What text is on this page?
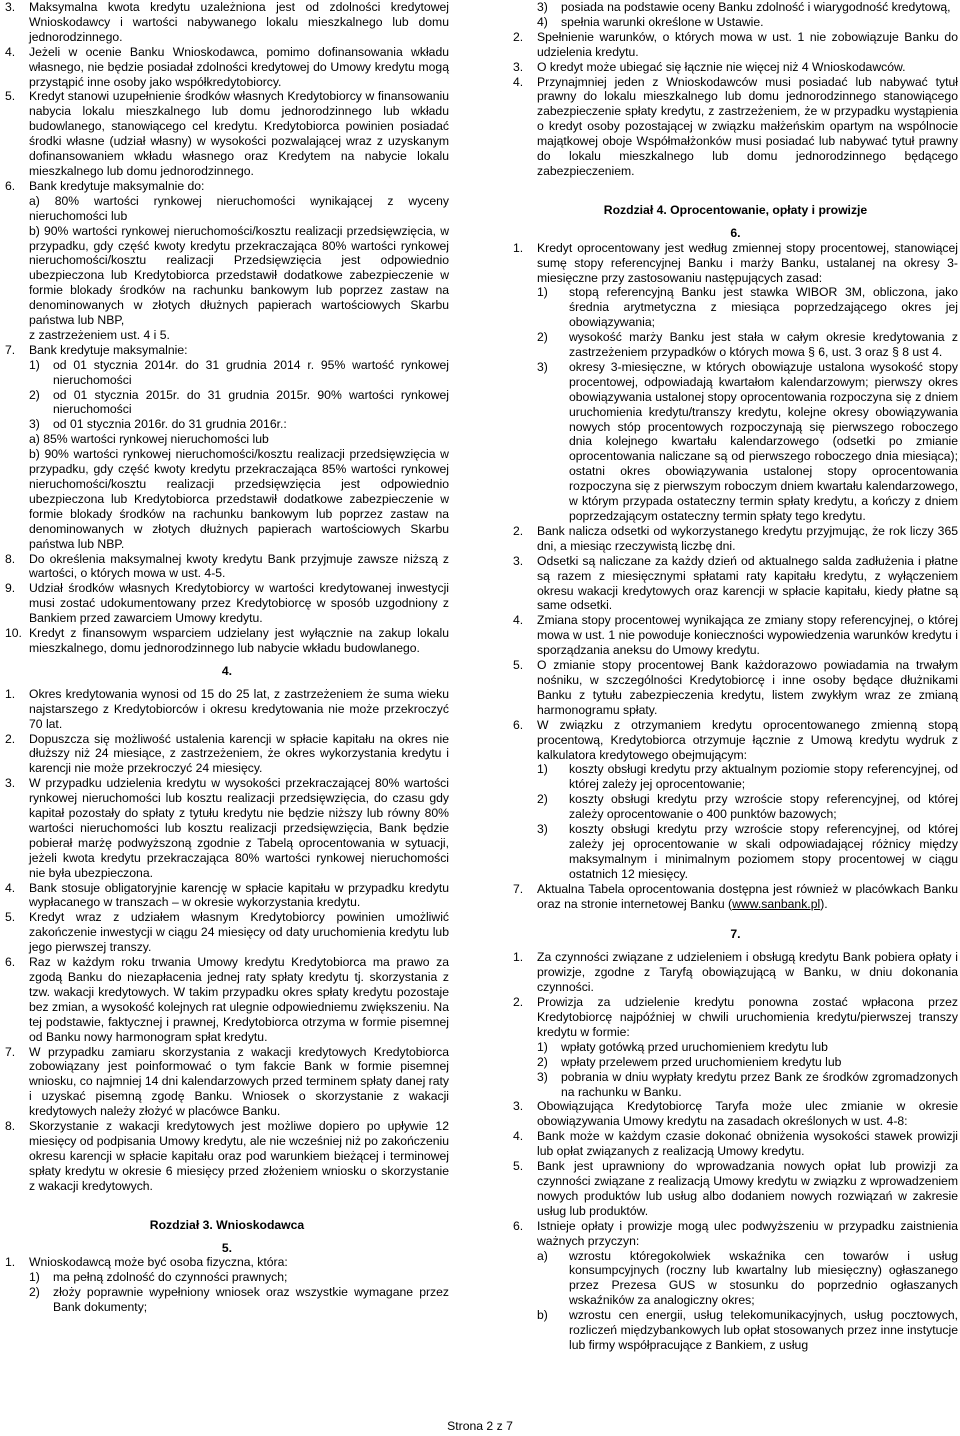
3.	Maksymalna kwota kredytu uzależniona jest od zdolności kredytowej Wnioskodawcy i wartości nabywanego lokalu mieszkalnego lub domu jednorodzinnego.
4.	Jeżeli w ocenie Banku Wnioskodawca, pomimo dofinansowania wkładu własnego, nie będzie posiadał zdolności kredytowej do Umowy kredytu mogą przystąpić inne osoby jako współkredytobiorcy.
5.	Kredyt stanowi uzupełnienie środków własnych Kredytobiorcy w finansowaniu nabycia lokalu mieszkalnego lub domu jednorodzinnego lub wkładu budowlanego, stanowiącego cel kredytu. Kredytobiorca powinien posiadać środki własne (udział własny) w wysokości pozwalającej wraz z uzyskanym dofinansowaniem wkładu własnego oraz Kredytem na nabycie lokalu mieszkalnego lub domu jednorodzinnego.
6.	Bank kredytuje maksymalnie do:

a) 80% wartości rynkowej nieruchomości wynikającej z wyceny nieruchomości lub

b) 90% wartości rynkowej nieruchomości/kosztu realizacji przedsięwzięcia, w przypadku, gdy część kwoty kredytu przekraczająca 80% wartości rynkowej nieruchomości/kosztu realizacji Przedsięwzięcia jest odpowiednio ubezpieczona lub Kredytobiorca przedstawił dodatkowe zabezpieczenie w formie blokady środków na rachunku bankowym lub poprzez zastaw na denominowanych w złotych dłużnych papierach wartościowych Skarbu państwa lub NBP,

z zastrzeżeniem ust. 4 i 5.

7.	Bank kredytuje maksymalnie:
1)	od 01 stycznia 2014r. do 31 grudnia 2014 r. 95% wartość rynkowej nieruchomości
2)	od 01 stycznia 2015r. do 31 grudnia 2015r. 90% wartości rynkowej nieruchomości
3)	od 01 stycznia 2016r. do 31 grudnia 2016r.:

a) 85% wartości rynkowej nieruchomości lub

b) 90% wartości rynkowej nieruchomości/kosztu realizacji przedsięwzięcia w przypadku, gdy część kwoty kredytu przekraczająca 85% wartości rynkowej nieruchomości/kosztu realizacji przedsięwzięcia jest odpowiednio ubezpieczona lub Kredytobiorca przedstawił dodatkowe zabezpieczenie w formie blokady środków na rachunku bankowym lub poprzez zastaw na denominowanych w złotych dłużnych papierach wartościowych Skarbu państwa lub NBP.

8.	Do określenia maksymalnej kwoty kredytu Bank przyjmuje zawsze niższą z wartości, o których mowa w ust. 4-5.
9.	Udział środków własnych Kredytobiorcy w wartości kredytowanej inwestycji musi zostać udokumentowany przez Kredytobiorcę w sposób uzgodniony z Bankiem przed zawarciem Umowy kredytu.
10. Kredyt z finansowym wsparciem udzielany jest wyłącznie na zakup lokalu mieszkalnego, domu jednorodzinnego lub nabycie wkładu budowlanego.

4.

1.	Okres kredytowania wynosi od 15 do 25 lat, z zastrzeżeniem że suma wieku najstarszego z Kredytobiorców i okresu kredytowania nie może przekroczyć 70 lat.
2.	Dopuszcza się możliwość ustalenia karencji w spłacie kapitału na okres nie dłuższy niż 24 miesiące, z zastrzeżeniem, że okres wykorzystania kredytu i karencji nie może przekroczyć 24 miesięcy.
3.	W przypadku udzielenia kredytu w wysokości przekraczającej 80% wartości rynkowej nieruchomości lub kosztu realizacji przedsięwzięcia, do czasu gdy kapitał pozostały do spłaty z tytułu kredytu nie będzie niższy lub równy 80% wartości nieruchomości lub kosztu realizacji przedsięwzięcia, Bank będzie pobierał marżę podwyższoną zgodnie z Tabelą oprocentowania w sytuacji, jeżeli kwota kredytu przekraczająca 80% wartości rynkowej nieruchomości nie była ubezpieczona.
4.	Bank stosuje obligatoryjnie karencję w spłacie kapitału w przypadku kredytu wypłacanego w transzach – w okresie wykorzystania kredytu.
5.	Kredyt wraz z udziałem własnym Kredytobiorcy powinien umożliwić zakończenie inwestycji w ciągu 24 miesięcy od daty uruchomienia kredytu lub jego pierwszej transzy.
6.	Raz w każdym roku trwania Umowy kredytu Kredytobiorca ma prawo za zgodą Banku do niezapłacenia jednej raty spłaty kredytu tj. skorzystania z tzw. wakacji kredytowych. W takim przypadku okres spłaty kredytu pozostaje bez zmian, a wysokość kolejnych rat ulegnie odpowiedniemu zwiększeniu. Na tej podstawie, faktycznej i prawnej, Kredytobiorca otrzyma w formie pisemnej od Banku nowy harmonogram spłat kredytu.
7.	W przypadku zamiaru skorzystania z wakacji kredytowych Kredytobiorca zobowiązany jest poinformować o tym fakcie Bank w formie pisemnej wniosku, co najmniej 14 dni kalendarzowych przed terminem spłaty danej raty i uzyskać pisemną zgodę Banku. Wniosek o skorzystanie z wakacji kredytowych należy złożyć w placówce Banku.
8.	Skorzystanie z wakacji kredytowych jest możliwe dopiero po upływie 12 miesięcy od podpisania Umowy kredytu, ale nie wcześniej niż po zakończeniu okresu karencji w spłacie kapitału oraz pod warunkiem bieżącej i terminowej spłaty kredytu w okresie 6 miesięcy przed złożeniem wniosku o skorzystanie z wakacji kredytowych.

Rozdział 3. Wnioskodawca

5.

1.	Wnioskodawcą może być osoba fizyczna, która:
1)	ma pełną zdolność do czynności prawnych;
2)	złoży poprawnie wypełniony wniosek oraz wszystkie wymagane przez Bank dokumenty;
3)	posiada na podstawie oceny Banku zdolność i wiarygodność kredytową,
4)	spełnia warunki określone w Ustawie.
2.	Spełnienie warunków, o których mowa w ust. 1 nie zobowiązuje Banku do udzielenia kredytu.
3.	O kredyt może ubiegać się łącznie nie więcej niż 4 Wnioskodawców.
4.	Przynajmniej jeden z Wnioskodawców musi posiadać lub nabywać tytuł prawny do lokalu mieszkalnego lub domu jednorodzinnego stanowiącego zabezpieczenie spłaty kredytu, z zastrzeżeniem, że w przypadku wystąpienia o kredyt osoby pozostającej w związku małżeńskim opartym na wspólnocie majątkowej oboje Współmałżonków musi posiadać lub nabywać tytuł prawny do lokalu mieszkalnego lub domu jednorodzinnego będącego zabezpieczeniem.

Rozdział 4. Oprocentowanie, opłaty i prowizje

6.

1.	Kredyt oprocentowany jest według zmiennej stopy procentowej, stanowiącej sumę stopy referencyjnej Banku i marży Banku, ustalanej na okresy 3-miesięczne przy zastosowaniu następujących zasad:
1)	stopą referencyjną Banku jest stawka WIBOR 3M, obliczona, jako średnia arytmetyczna z miesiąca poprzedzającego okres jej obowiązywania;
2)	wysokość marży Banku jest stała w całym okresie kredytowania z zastrzeżeniem przypadków o których mowa § 6, ust. 3 oraz § 8 ust 4.
3)	okresy 3-miesięczne, w których obowiązuje ustalona wysokość stopy procentowej, odpowiadają kwartałom kalendarzowym; pierwszy okres obowiązywania ustalonej stopy oprocentowania rozpoczyna się z dniem uruchomienia kredytu/transzy kredytu, kolejne okresy obowiązywania nowych stóp procentowych rozpoczynają się pierwszego roboczego dnia kolejnego kwartału kalendarzowego (odsetki po zmianie oprocentowania naliczane są od pierwszego roboczego dnia miesiąca); ostatni okres obowiązywania ustalonej stopy oprocentowania rozpoczyna się z pierwszym roboczym dniem kwartału kalendarzowego, w którym przypada ostateczny termin spłaty kredytu, a kończy z dniem poprzedzającym ostateczny termin spłaty tego kredytu.
2.	Bank nalicza odsetki od wykorzystanego kredytu przyjmując, że rok liczy 365 dni, a miesiąc rzeczywistą liczbę dni.
3.	Odsetki są naliczane za każdy dzień od aktualnego salda zadłużenia i płatne są razem z miesięcznymi spłatami raty kapitału kredytu, z wyłączeniem okresu wakacji kredytowych oraz karencji w spłacie kapitału, kiedy płatne są same odsetki.
4.	Zmiana stopy procentowej wynikająca ze zmiany stopy referencyjnej, o której mowa w ust. 1 nie powoduje konieczności wypowiedzenia warunków kredytu i sporządzania aneksu do Umowy kredytu.
5.	O zmianie stopy procentowej Bank każdorazowo powiadamia na trwałym nośniku, w szczególności Kredytobiorcę i inne osoby będące dłużnikami Banku z tytułu zabezpieczenia kredytu, listem zwykłym wraz ze zmianą harmonogramu spłaty.
6.	W związku z otrzymaniem kredytu oprocentowanego zmienną stopą procentową, Kredytobiorca otrzymuje łącznie z Umową kredytu wydruk z kalkulatora kredytowego obejmującym:
1)	koszty obsługi kredytu przy aktualnym poziomie stopy referencyjnej, od której zależy jej oprocentowanie;
2)	koszty obsługi kredytu przy wzroście stopy referencyjnej, od której zależy oprocentowanie o 400 punktów bazowych;
3)	koszty obsługi kredytu przy wzroście stopy referencyjnej, od której zależy jej oprocentowanie w skali odpowiadającej różnicy między maksymalnym i minimalnym poziomem stopy procentowej w ciągu ostatnich 12 miesięcy.
7.	Aktualna Tabela oprocentowania dostępna jest również w placówkach Banku oraz na stronie internetowej Banku (www.sanbank.pl).

7.

1.	Za czynności związane z udzieleniem i obsługą kredytu Bank pobiera opłaty i prowizje, zgodne z Taryfą obowiązującą w Banku, w dniu dokonania czynności.
2.	Prowizja za udzielenie kredytu ponowna zostać wpłacona przez Kredytobiorcę najpóźniej w chwili uruchomienia kredytu/pierwszej transzy kredytu w formie:
1)	wpłaty gotówką przed uruchomieniem kredytu lub
2)	wpłaty przelewem przed uruchomieniem kredytu lub
3)	pobrania w dniu wypłaty kredytu przez Bank ze środków zgromadzonych na rachunku w Banku.
3.	Obowiązująca Kredytobiorcę Taryfa może ulec zmianie w okresie obowiązywania Umowy kredytu na zasadach określonych w ust. 4-8:
4.	Bank może w każdym czasie dokonać obniżenia wysokości stawek prowizji lub opłat związanych z realizacją Umowy kredytu.
5.	Bank jest uprawniony do wprowadzania nowych opłat lub prowizji za czynności związane z realizacją Umowy kredytu w związku z wprowadzeniem nowych produktów lub usług albo dodaniem nowych rozwiązań w zakresie usług lub produktów.
6.	Istnieje opłaty i prowizje mogą ulec podwyższeniu w przypadku zaistnienia ważnych przyczyn:
a)	wzrostu któregokolwiek wskaźnika cen towarów i usług konsumpcyjnych (roczny lub kwartalny lub miesięczny) ogłaszanego przez Prezesa GUS w stosunku do poprzednio ogłaszanych wskaźników za analogiczny okres;
b)	wzrostu cen energii, usług telekomunikacyjnych, usług pocztowych, rozliczeń międzybankowych lub opłat stosowanych przez inne instytucje lub firmy współpracujące z Bankiem, z usług
Strona 2 z 7
